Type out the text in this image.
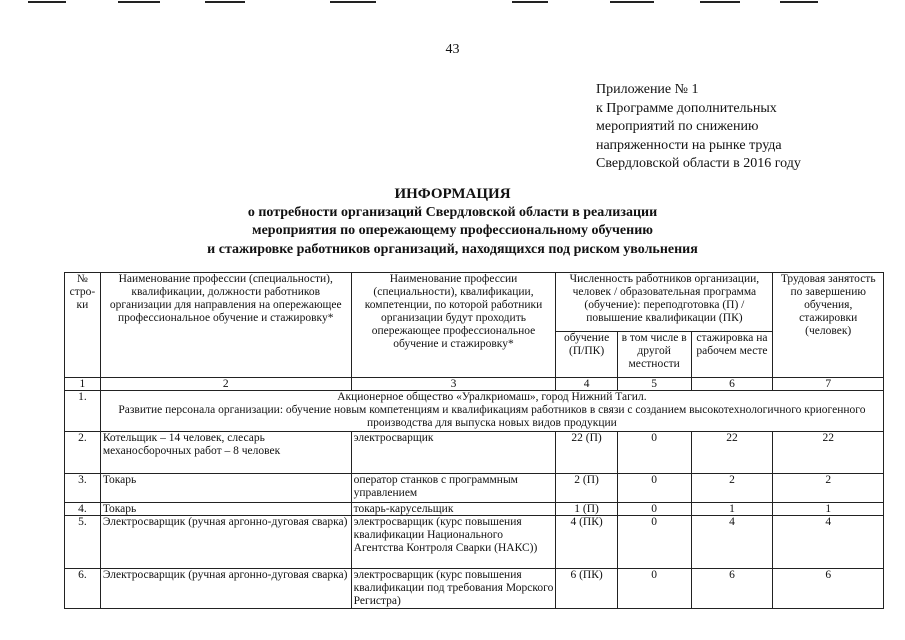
43
Приложение № 1
к Программе дополнительных
мероприятий по снижению
напряженности на рынке труда
Свердловской области в 2016 году
ИНФОРМАЦИЯ
о потребности организаций Свердловской области в реализации
мероприятия по опережающему профессиональному обучению
и стажировке работников организаций, находящихся под риском увольнения
№ стро-ки	Наименование профессии (специальности), квалификации, должности работников организации для направления на опережающее профессиональное обучение и стажировку*	Наименование профессии (специальности), квалификации, компетенции, по которой работники организации будут проходить опережающее профессиональное обучение и стажировку*	Численность работников организации, человек / образовательная программа (обучение): переподготовка (П) / повышение квалификации (ПК)			Трудовая занятость по завершению обучения, стажировки (человек)
			обучение (П/ПК)	в том числе в другой местности	стажировка на рабочем месте	
1	2	3	4	5	6	7
1.	Акционерное общество «Уралкриомаш», город Нижний Тагил.
Развитие персонала организации: обучение новым компетенциям и квалификациям работников в связи с созданием высокотехнологичного криогенного производства для выпуска новых видов продукции					

2.	Котельщик – 14 человек, слесарь механосборочных работ – 8 человек	электросварщик	22 (П)	0	22	22
3.	Токарь	оператор станков с программным управлением	2 (П)	0	2	2
4.	Токарь	токарь-карусельщик	1 (П)	0	1	1
5.	Электросварщик (ручная аргонно-дуговая сварка)	электросварщик (курс повышения квалификации Национального Агентства Контроля Сварки (НАКС))	4 (ПК)	0	4	4
6.	Электросварщик (ручная аргонно-дуговая сварка)	электросварщик (курс повышения квалификации под требования Морского Регистра)	6 (ПК)	0	6	6
